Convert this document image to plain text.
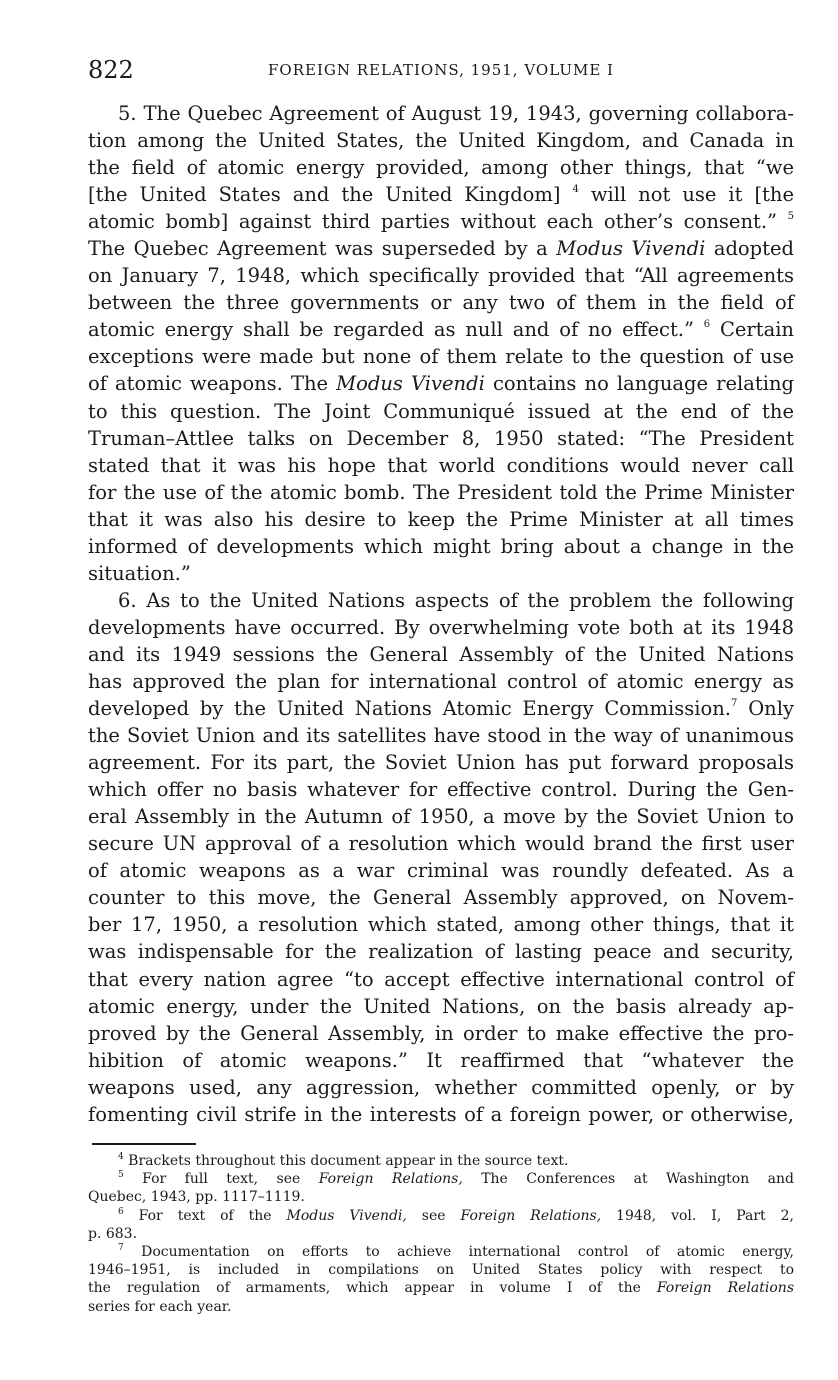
822	FOREIGN RELATIONS, 1951, VOLUME I
5. The Quebec Agreement of August 19, 1943, governing collabora-
tion among the United States, the United Kingdom, and Canada in
the field of atomic energy provided, among other things, that “we
[the United States and the United Kingdom] $^4$ will not use it [the
atomic bomb] against third parties without each other’s consent.” $^5$
The Quebec Agreement was superseded by a Modus Vivendi adopted
on January 7, 1948, which specifically provided that “All agreements
between the three governments or any two of them in the field of
atomic energy shall be regarded as null and of no effect.” $^6$ Certain
exceptions were made but none of them relate to the question of use
of atomic weapons. The Modus Vivendi contains no language relating
to this question. The Joint Communiqué issued at the end of the
Truman–Attlee talks on December 8, 1950 stated: “The President
stated that it was his hope that world conditions would never call
for the use of the atomic bomb. The President told the Prime Minister
that it was also his desire to keep the Prime Minister at all times
informed of developments which might bring about a change in the
situation.”
6. As to the United Nations aspects of the problem the following
developments have occurred. By overwhelming vote both at its 1948
and its 1949 sessions the General Assembly of the United Nations
has approved the plan for international control of atomic energy as
developed by the United Nations Atomic Energy Commission.$^7$ Only
the Soviet Union and its satellites have stood in the way of unanimous
agreement. For its part, the Soviet Union has put forward proposals
which offer no basis whatever for effective control. During the Gen-
eral Assembly in the Autumn of 1950, a move by the Soviet Union to
secure UN approval of a resolution which would brand the first user
of atomic weapons as a war criminal was roundly defeated. As a
counter to this move, the General Assembly approved, on Novem-
ber 17, 1950, a resolution which stated, among other things, that it
was indispensable for the realization of lasting peace and security,
that every nation agree “to accept effective international control of
atomic energy, under the United Nations, on the basis already ap-
proved by the General Assembly, in order to make effective the pro-
hibition of atomic weapons.” It reaffirmed that “whatever the
weapons used, any aggression, whether committed openly, or by
fomenting civil strife in the interests of a foreign power, or otherwise,
$^4$ Brackets throughout this document appear in the source text.
$^5$ For full text, see Foreign Relations, The Conferences at Washington and
Quebec, 1943, pp. 1117–1119.
$^6$ For text of the Modus Vivendi, see Foreign Relations, 1948, vol. I, Part 2,
p. 683.
$^7$ Documentation on efforts to achieve international control of atomic energy,
1946–1951, is included in compilations on United States policy with respect to
the regulation of armaments, which appear in volume I of the Foreign Relations
series for each year.
